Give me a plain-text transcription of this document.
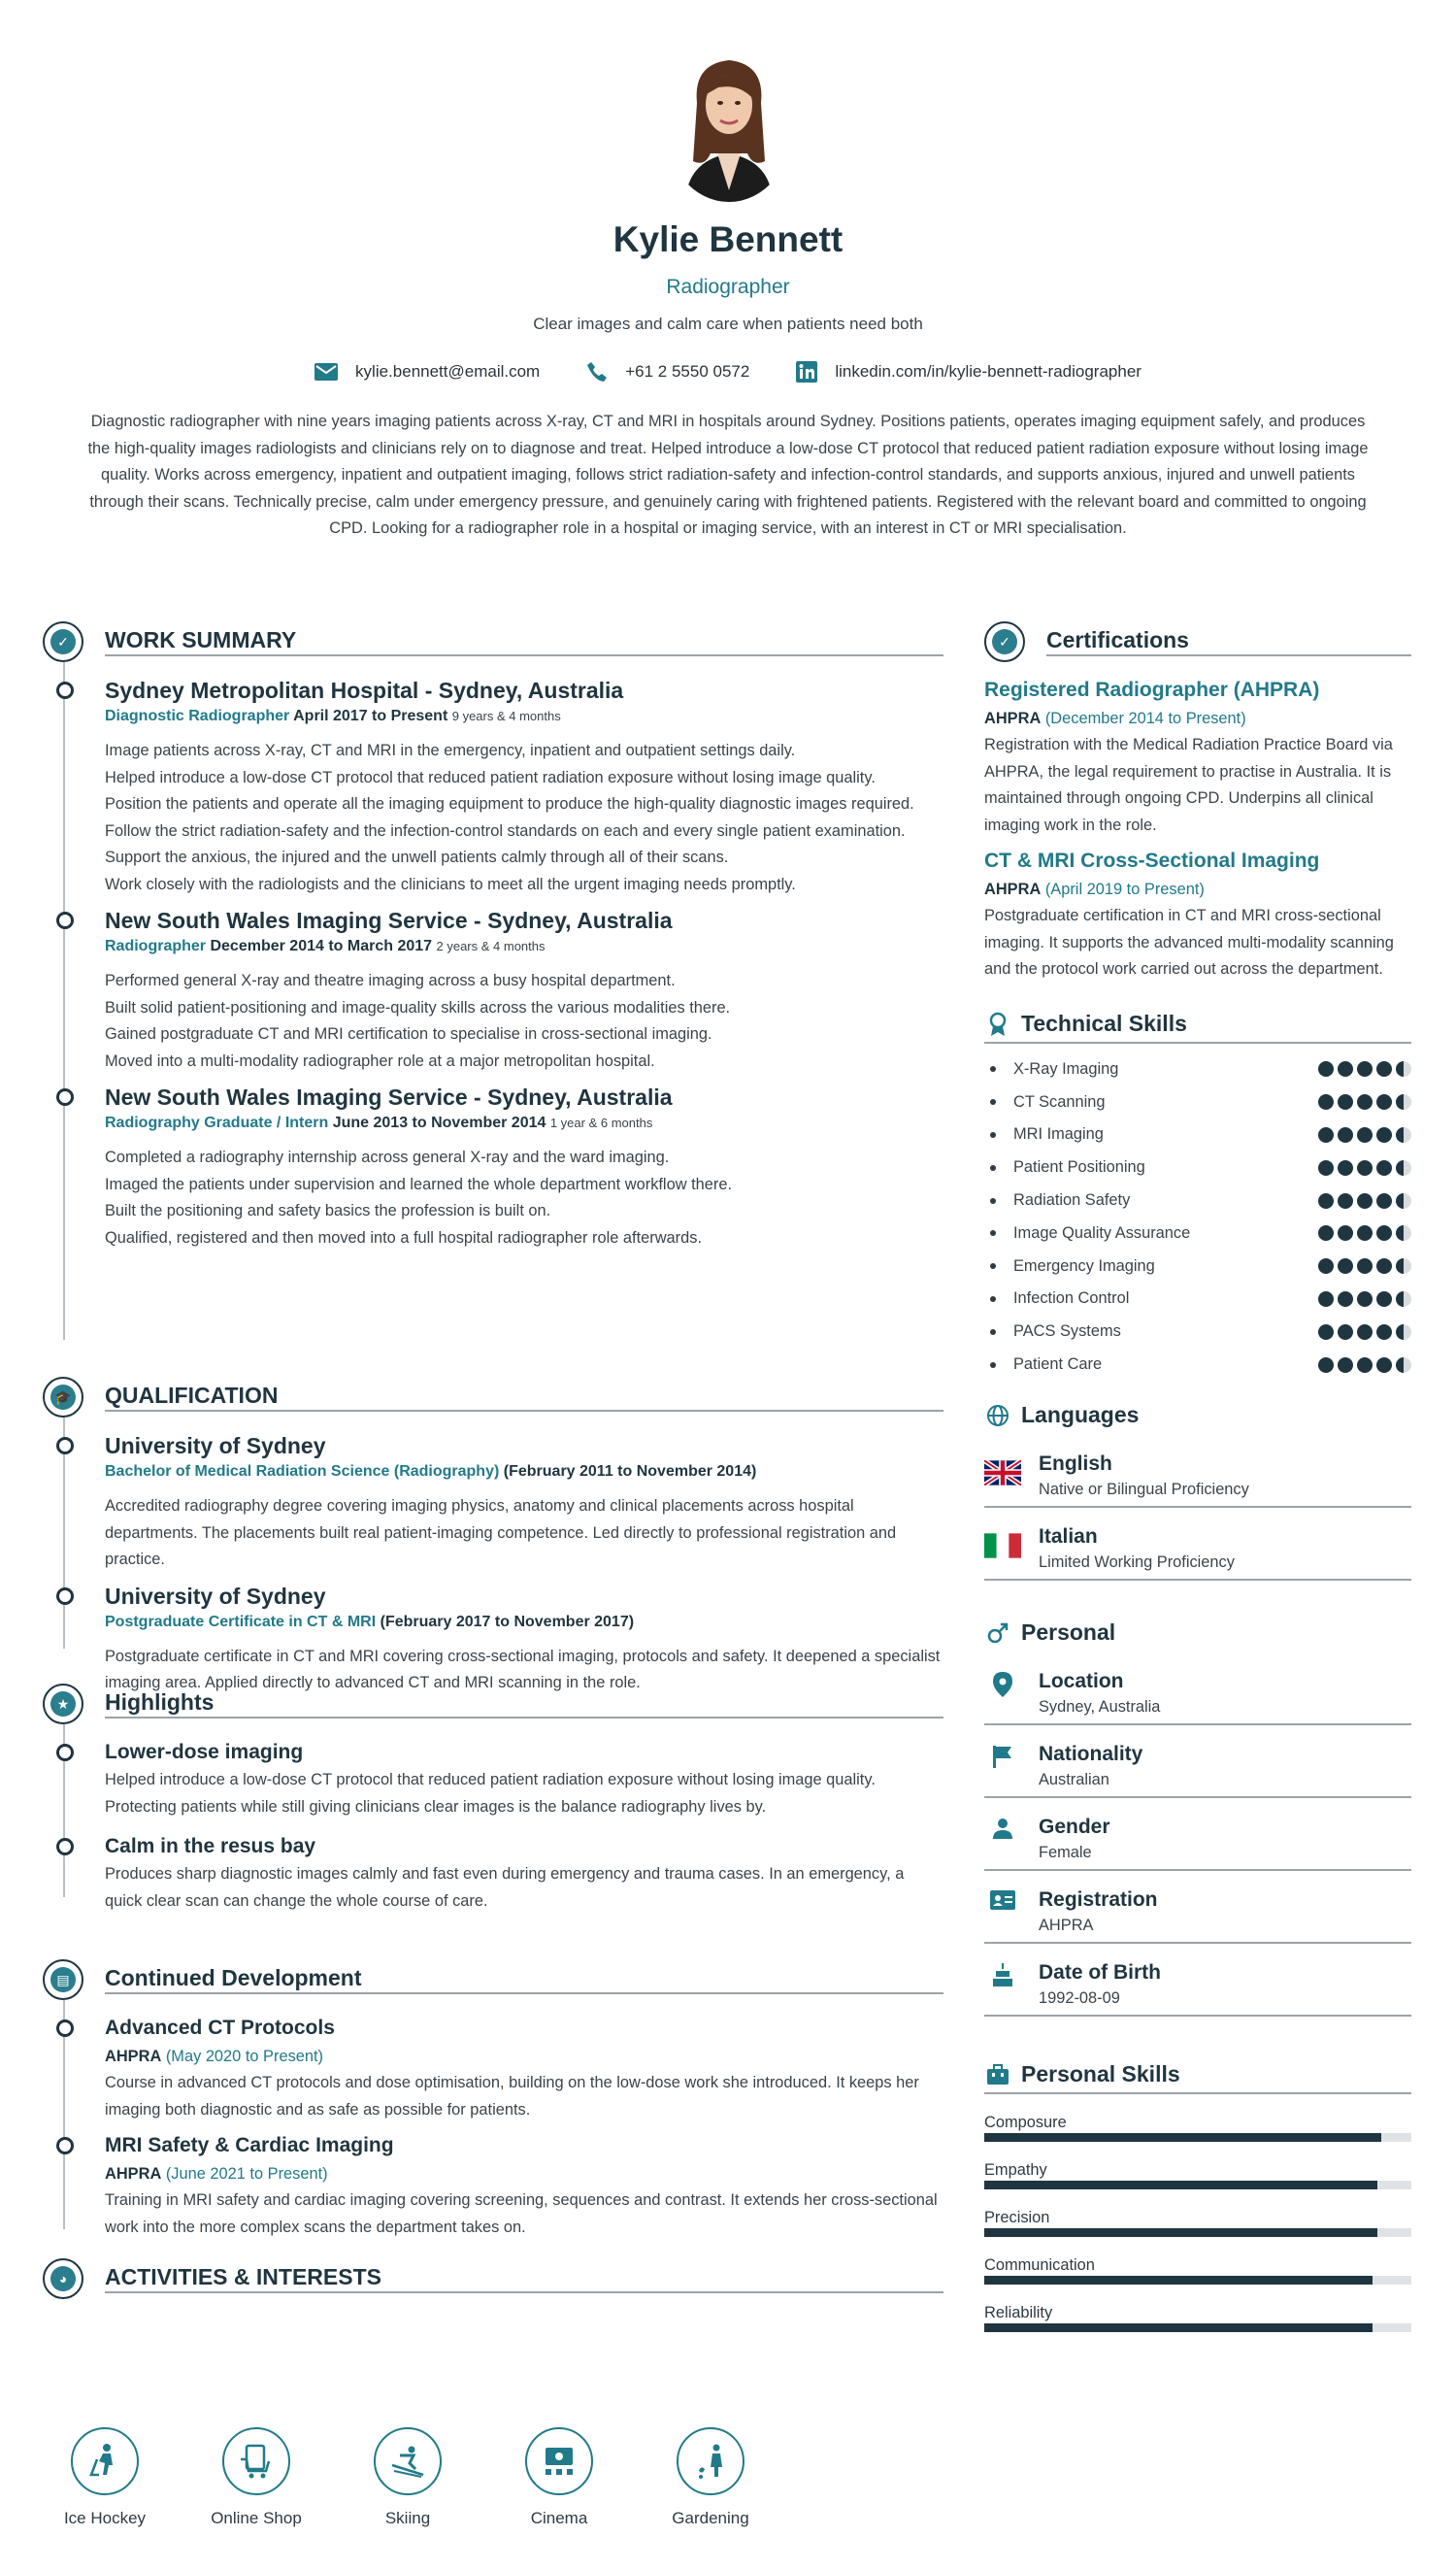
Kylie Bennett
Radiographer
Clear images and calm care when patients need both
kylie.bennett@email.com	+61 2 5550 0572	linkedin.com/in/kylie-bennett-radiographer
Diagnostic radiographer with nine years imaging patients across X-ray, CT and MRI in hospitals around Sydney. Positions patients, operates imaging equipment safely, and produces the high-quality images radiologists and clinicians rely on to diagnose and treat. Helped introduce a low-dose CT protocol that reduced patient radiation exposure without losing image quality. Works across emergency, inpatient and outpatient imaging, follows strict radiation-safety and infection-control standards, and supports anxious, injured and unwell patients through their scans. Technically precise, calm under emergency pressure, and genuinely caring with frightened patients. Registered with the relevant board and committed to ongoing CPD. Looking for a radiographer role in a hospital or imaging service, with an interest in CT or MRI specialisation.
✓	WORK SUMMARY
Sydney Metropolitan Hospital - Sydney, Australia
Diagnostic Radiographer April 2017 to Present 9 years & 4 months
Image patients across X-ray, CT and MRI in the emergency, inpatient and outpatient settings daily.
Helped introduce a low-dose CT protocol that reduced patient radiation exposure without losing image quality.
Position the patients and operate all the imaging equipment to produce the high-quality diagnostic images required.
Follow the strict radiation-safety and the infection-control standards on each and every single patient examination.
Support the anxious, the injured and the unwell patients calmly through all of their scans.
Work closely with the radiologists and the clinicians to meet all the urgent imaging needs promptly.
New South Wales Imaging Service - Sydney, Australia
Radiographer December 2014 to March 2017 2 years & 4 months
Performed general X-ray and theatre imaging across a busy hospital department.
Built solid patient-positioning and image-quality skills across the various modalities there.
Gained postgraduate CT and MRI certification to specialise in cross-sectional imaging.
Moved into a multi-modality radiographer role at a major metropolitan hospital.
New South Wales Imaging Service - Sydney, Australia
Radiography Graduate / Intern June 2013 to November 2014 1 year & 6 months
Completed a radiography internship across general X-ray and the ward imaging.
Imaged the patients under supervision and learned the whole department workflow there.
Built the positioning and safety basics the profession is built on.
Qualified, registered and then moved into a full hospital radiographer role afterwards.
🎓 QUALIFICATION
University of Sydney
Bachelor of Medical Radiation Science (Radiography) (February 2011 to November 2014)
Accredited radiography degree covering imaging physics, anatomy and clinical placements across hospital departments. The placements built real patient-imaging competence. Led directly to professional registration and practice.
University of Sydney
Postgraduate Certificate in CT & MRI (February 2017 to November 2017)
Postgraduate certificate in CT and MRI covering cross-sectional imaging, protocols and safety. It deepened a specialist imaging area. Applied directly to advanced CT and MRI scanning in the role.
★ Highlights
Lower-dose imaging
Helped introduce a low-dose CT protocol that reduced patient radiation exposure without losing image quality. Protecting patients while still giving clinicians clear images is the balance radiography lives by.
Calm in the resus bay
Produces sharp diagnostic images calmly and fast even during emergency and trauma cases. In an emergency, a quick clear scan can change the whole course of care.
▤ Continued Development
Advanced CT Protocols
AHPRA (May 2020 to Present)
Course in advanced CT protocols and dose optimisation, building on the low-dose work she introduced. It keeps her imaging both diagnostic and as safe as possible for patients.
MRI Safety & Cardiac Imaging
AHPRA (June 2021 to Present)
Training in MRI safety and cardiac imaging covering screening, sequences and contrast. It extends her cross-sectional work into the more complex scans the department takes on.
◕	ACTIVITIES & INTERESTS
Ice Hockey	Online Shop	Skiing	Cinema	Gardening
✓	Certifications
Registered Radiographer (AHPRA)
AHPRA (December 2014 to Present)
Registration with the Medical Radiation Practice Board via AHPRA, the legal requirement to practise in Australia. It is maintained through ongoing CPD. Underpins all clinical imaging work in the role.
CT & MRI Cross-Sectional Imaging
AHPRA (April 2019 to Present)
Postgraduate certification in CT and MRI cross-sectional imaging. It supports the advanced multi-modality scanning and the protocol work carried out across the department.
Technical Skills
X-Ray Imaging
CT Scanning
MRI Imaging
Patient Positioning
Radiation Safety
Image Quality Assurance
Emergency Imaging
Infection Control
PACS Systems
Patient Care
Languages
English
Native or Bilingual Proficiency
Italian
Limited Working Proficiency
Personal
Location
Sydney, Australia
Nationality
Australian
Gender
Female
Registration
AHPRA
Date of Birth
1992-08-09
Personal Skills
Composure
Empathy
Precision
Communication
Reliability
